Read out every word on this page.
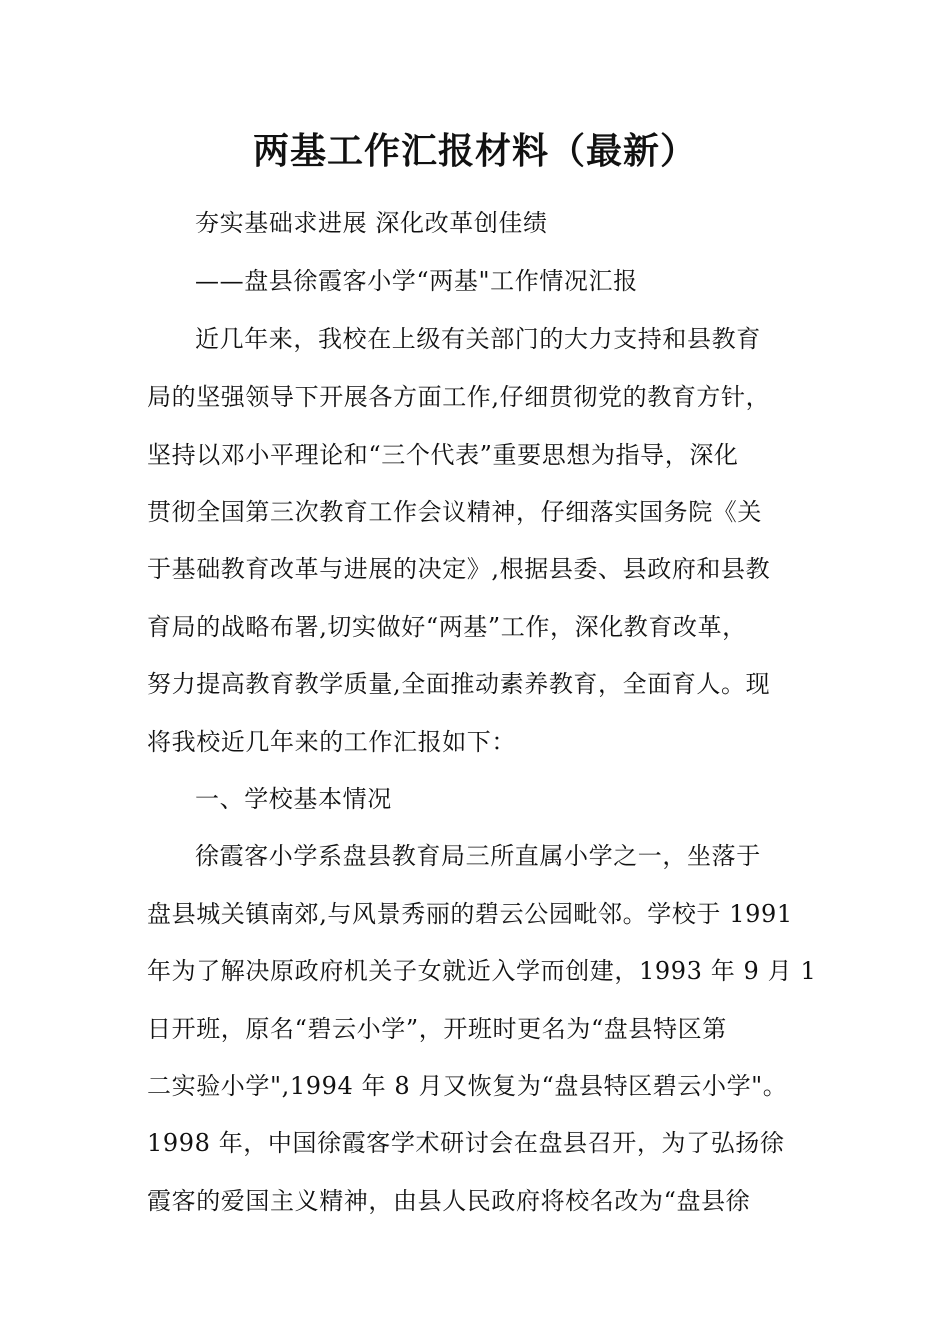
两基工作汇报材料（最新）
夯实基础求进展 深化改革创佳绩
——盘县徐霞客小学“两基"工作情况汇报
近几年来，我校在上级有关部门的大力支持和县教育
局的坚强领导下开展各方面工作,仔细贯彻党的教育方针，
坚持以邓小平理论和“三个代表”重要思想为指导，深化
贯彻全国第三次教育工作会议精神，仔细落实国务院《关
于基础教育改革与进展的决定》,根据县委、县政府和县教
育局的战略布署,切实做好“两基”工作，深化教育改革，
努力提高教育教学质量,全面推动素养教育，全面育人。现
将我校近几年来的工作汇报如下：
一、学校基本情况
徐霞客小学系盘县教育局三所直属小学之一，坐落于
盘县城关镇南郊,与风景秀丽的碧云公园毗邻。学校于 1991
年为了解决原政府机关子女就近入学而创建，1993 年 9 月 1
日开班，原名“碧云小学”，开班时更名为“盘县特区第
二实验小学",1994 年 8 月又恢复为“盘县特区碧云小学"。
1998 年，中国徐霞客学术研讨会在盘县召开，为了弘扬徐
霞客的爱国主义精神，由县人民政府将校名改为“盘县徐
